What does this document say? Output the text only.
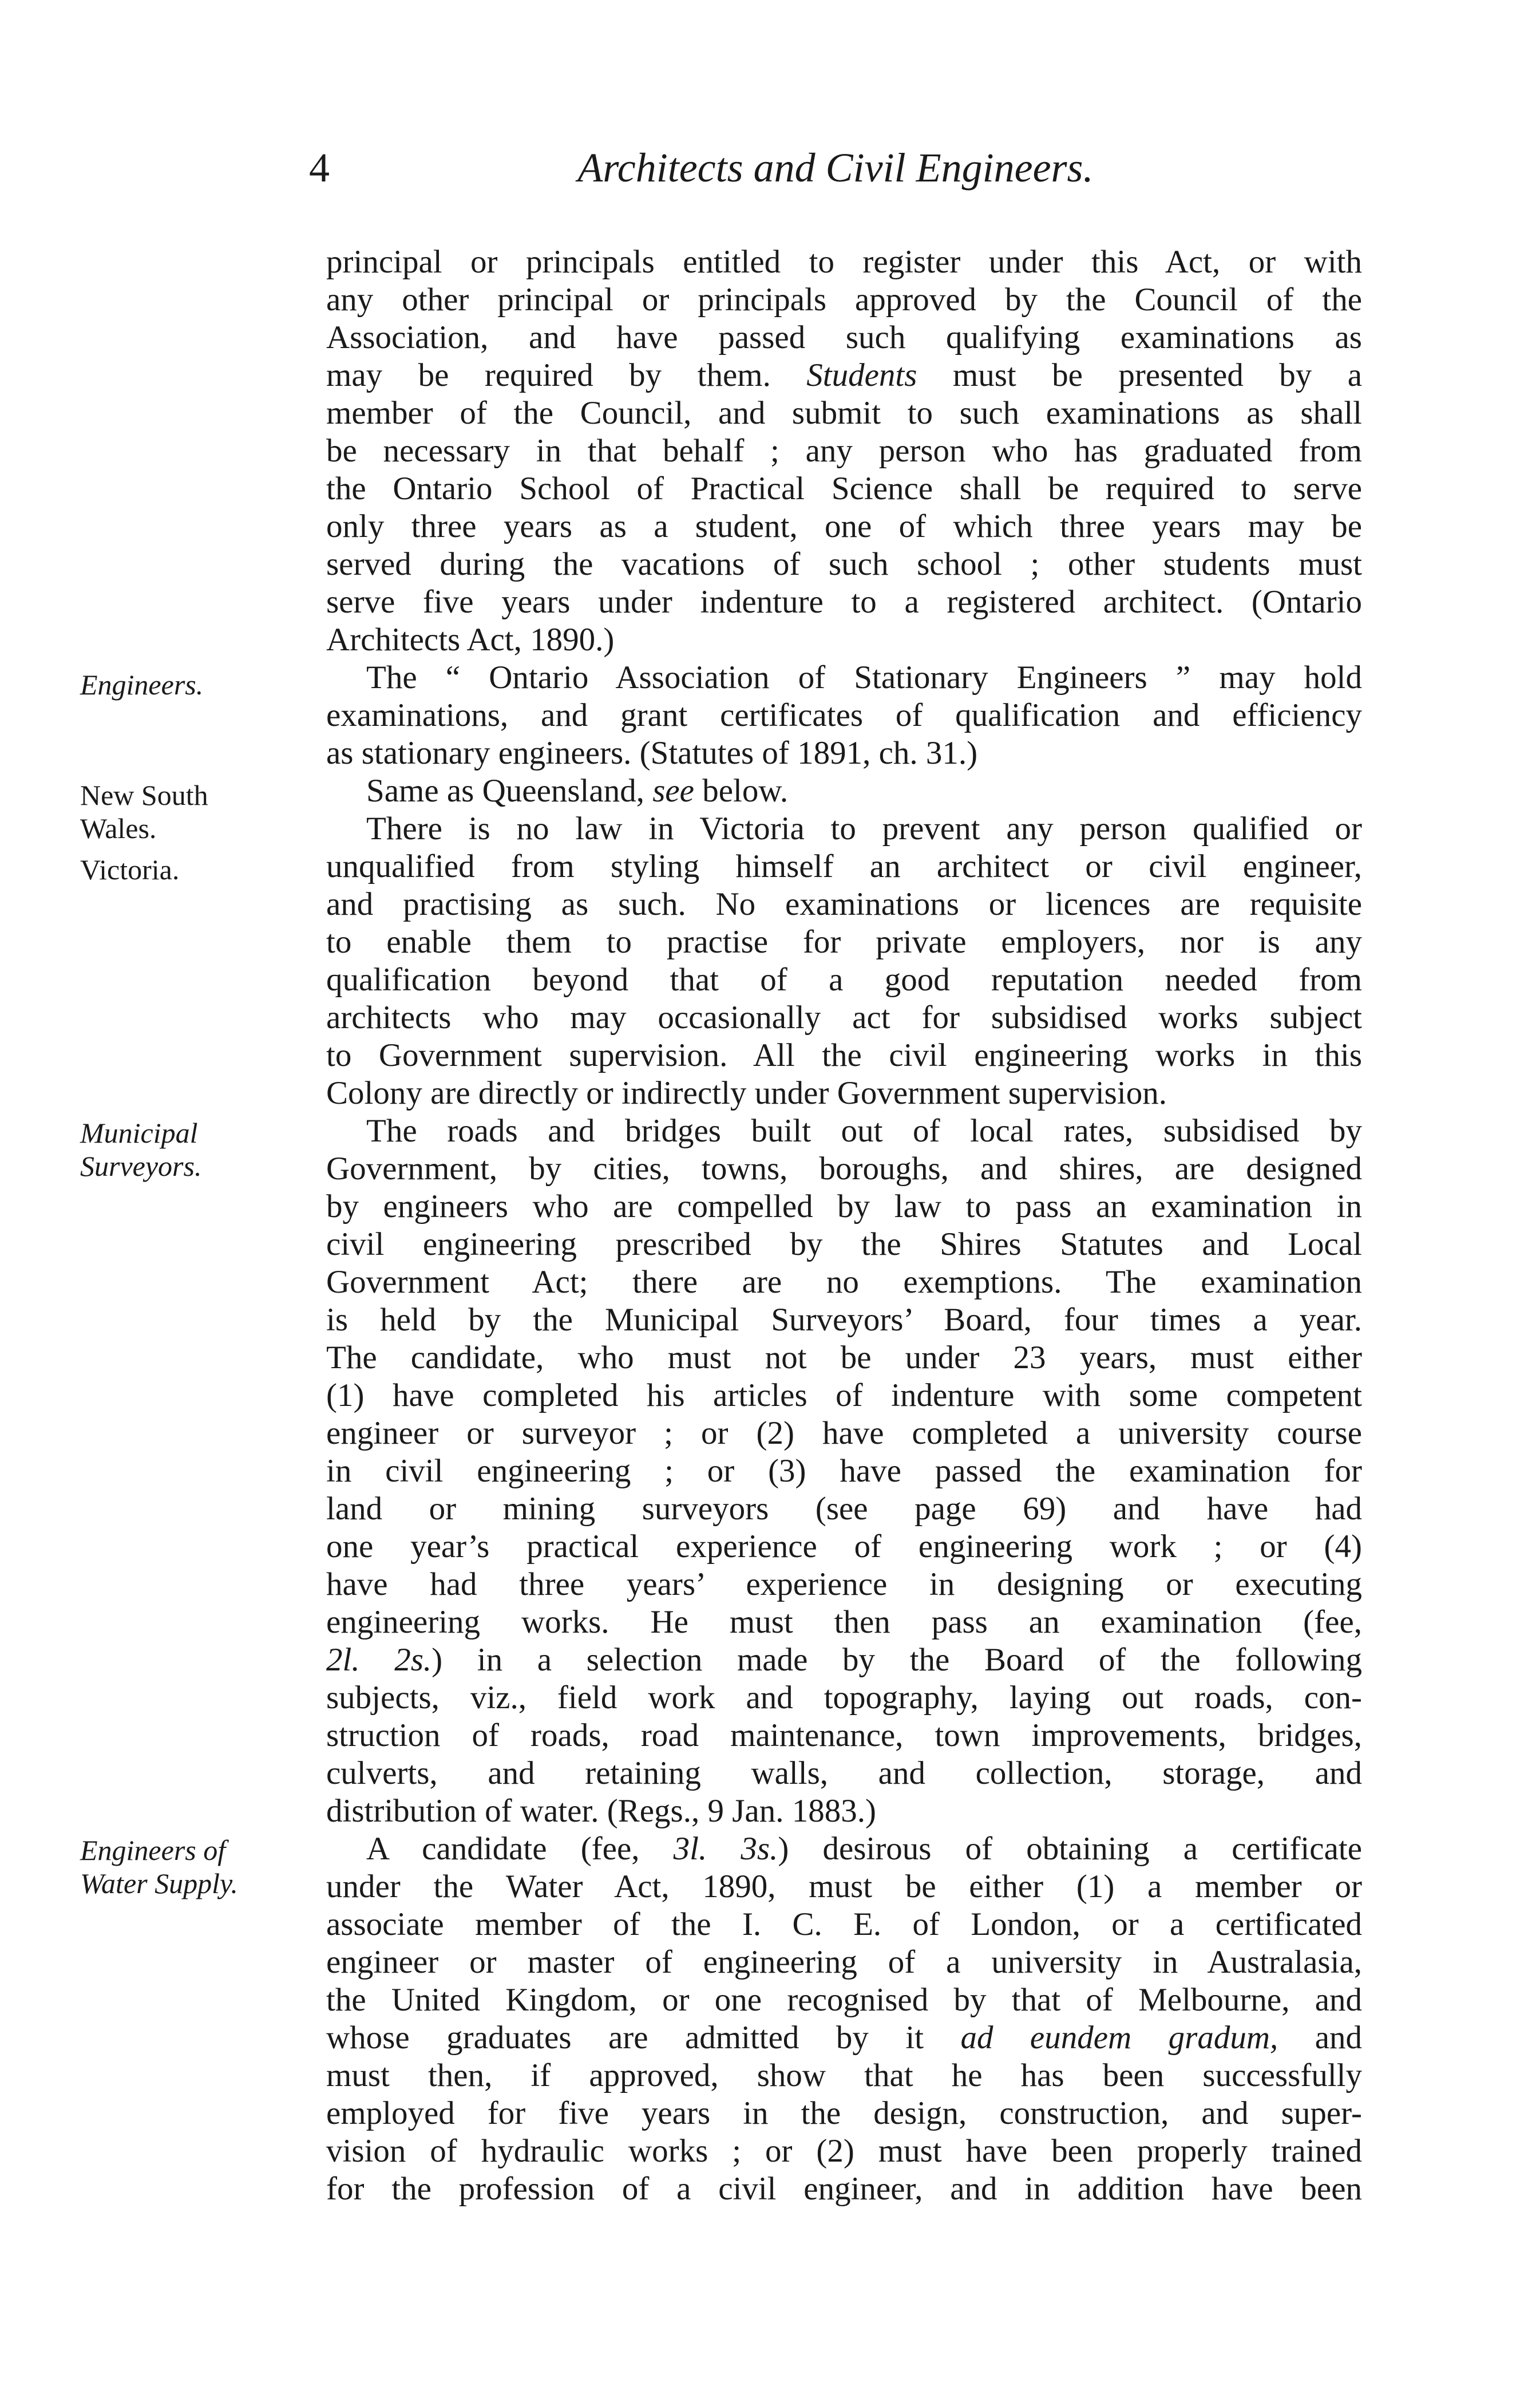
4	Architects and Civil Engineers.
Engineers.
New South
Wales.
Victoria.
Municipal
Surveyors.
Engineers of
Water Supply.
principal or principals entitled to register under this Act, or with
any other principal or principals approved by the Council of the
Association, and have passed such qualifying examinations as
may be required by them. Students must be presented by a
member of the Council, and submit to such examinations as shall
be necessary in that behalf ; any person who has graduated from
the Ontario School of Practical Science shall be required to serve
only three years as a student, one of which three years may be
served during the vacations of such school ; other students must
serve five years under indenture to a registered architect. (Ontario
Architects Act, 1890.)
The “ Ontario Association of Stationary Engineers ” may hold
examinations, and grant certificates of qualification and efficiency
as stationary engineers. (Statutes of 1891, ch. 31.)
Same as Queensland, see below.
There is no law in Victoria to prevent any person qualified or
unqualified from styling himself an architect or civil engineer,
and practising as such. No examinations or licences are requisite
to enable them to practise for private employers, nor is any
qualification beyond that of a good reputation needed from
architects who may occasionally act for subsidised works subject
to Government supervision. All the civil engineering works in this
Colony are directly or indirectly under Government supervision.
The roads and bridges built out of local rates, subsidised by
Government, by cities, towns, boroughs, and shires, are designed
by engineers who are compelled by law to pass an examination in
civil engineering prescribed by the Shires Statutes and Local
Government Act; there are no exemptions. The examination
is held by the Municipal Surveyors’ Board, four times a year.
The candidate, who must not be under 23 years, must either
(1) have completed his articles of indenture with some competent
engineer or surveyor ; or (2) have completed a university course
in civil engineering ; or (3) have passed the examination for
land or mining surveyors (see page 69) and have had
one year’s practical experience of engineering work ; or (4)
have had three years’ experience in designing or executing
engineering works. He must then pass an examination (fee,
2l. 2s.) in a selection made by the Board of the following
subjects, viz., field work and topography, laying out roads, con-
struction of roads, road maintenance, town improvements, bridges,
culverts, and retaining walls, and collection, storage, and
distribution of water. (Regs., 9 Jan. 1883.)
A candidate (fee, 3l. 3s.) desirous of obtaining a certificate
under the Water Act, 1890, must be either (1) a member or
associate member of the I. C. E. of London, or a certificated
engineer or master of engineering of a university in Australasia,
the United Kingdom, or one recognised by that of Melbourne, and
whose graduates are admitted by it ad eundem gradum, and
must then, if approved, show that he has been successfully
employed for five years in the design, construction, and super-
vision of hydraulic works ; or (2) must have been properly trained
for the profession of a civil engineer, and in addition have been
